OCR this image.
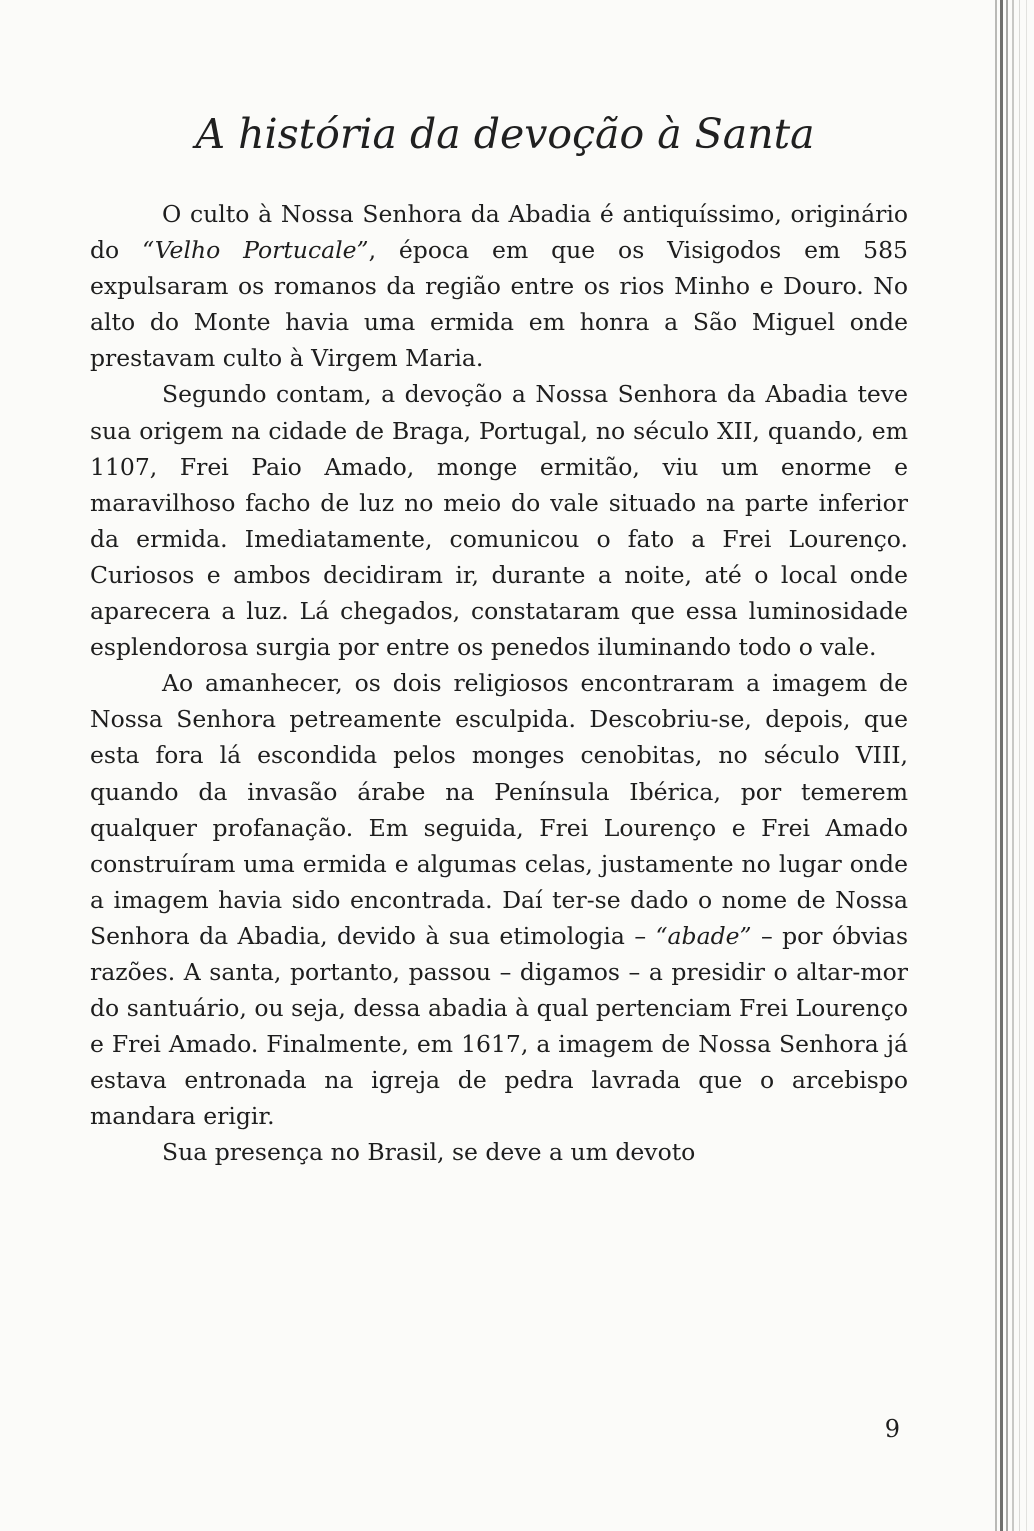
A história da devoção à Santa

O culto à Nossa Senhora da Abadia é antiquíssimo, originário do “Velho Portucale”, época em que os Visigodos em 585 expulsaram os romanos da região entre os rios Minho e Douro. No alto do Monte havia uma ermida em honra a São Miguel onde prestavam culto à Virgem Maria.

Segundo contam, a devoção a Nossa Senhora da Abadia teve sua origem na cidade de Braga, Portugal, no século XII, quando, em 1107, Frei Paio Amado, monge ermitão, viu um enorme e maravilhoso facho de luz no meio do vale situado na parte inferior da ermida. Imediatamente, comunicou o fato a Frei Lourenço. Curiosos e ambos decidiram ir, durante a noite, até o local onde aparecera a luz. Lá chegados, constataram que essa luminosidade esplendorosa surgia por entre os penedos iluminando todo o vale.

Ao amanhecer, os dois religiosos encontraram a imagem de Nossa Senhora petreamente esculpida. Descobriu-se, depois, que esta fora lá escondida pelos monges cenobitas, no século VIII, quando da invasão árabe na Península Ibérica, por temerem qualquer profanação. Em seguida, Frei Lourenço e Frei Amado construíram uma ermida e algumas celas, justamente no lugar onde a imagem havia sido encontrada. Daí ter-se dado o nome de Nossa Senhora da Abadia, devido à sua etimologia – “abade” – por óbvias razões. A santa, portanto, passou – digamos – a presidir o altar-mor do santuário, ou seja, dessa abadia à qual pertenciam Frei Lourenço e Frei Amado. Finalmente, em 1617, a imagem de Nossa Senhora já estava entronada na igreja de pedra lavrada que o arcebispo mandara erigir.

Sua presença no Brasil, se deve a um devoto

9
